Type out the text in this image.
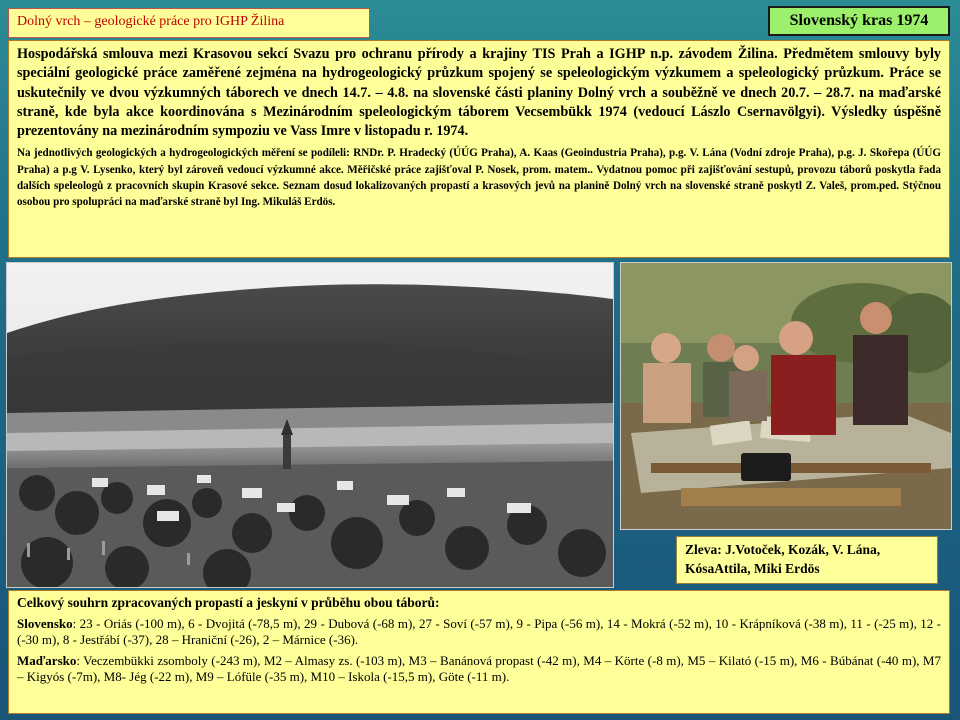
Dolný vrch – geologické práce pro IGHP Žilina	Slovenský kras 1974

Hospodářská smlouva mezi Krasovou sekcí Svazu pro ochranu přírody a krajiny TIS Prah a IGHP n.p. závodem Žilina. Předmětem smlouvy byly speciální geologické práce zaměřené zejména na hydrogeologický průzkum spojený se speleologickým výzkumem a speleologický průzkum. Práce se uskutečnily ve dvou výzkumných táborech ve dnech 14.7. – 4.8. na slovenské části planiny Dolný vrch a souběžně ve dnech 20.7. – 28.7. na maďarské straně, kde byla akce koordinována s Mezinárodním speleologickým táborem Vecsembükk 1974 (vedoucí Lászlo Csernavölgyi). Výsledky úspěšně prezentovány na mezinárodním sympoziu ve Vass Imre v listopadu r. 1974.

Na jednotlivých geologických a hydrogeologických měření se podíleli: RNDr. P. Hradecký (ÚÚG Praha), A. Kaas (Geoindustria Praha), p.g. V. Lána (Vodní zdroje Praha), p.g. J. Skořepa (ÚÚG Praha) a p.g V. Lysenko, který byl zároveň vedoucí výzkumné akce. Měřičské práce zajišťoval P. Nosek, prom. matem.. Vydatnou pomoc při zajišťování sestupů, provozu táborů poskytla řada dalších speleologů z pracovních skupin Krasové sekce. Seznam dosud lokalizovaných propastí a krasových jevů na planině Dolný vrch na slovenské straně poskytl Z. Valeš, prom.ped. Stýčnou osobou pro spolupráci na maďarské straně byl Ing. Mikuláš Erdös.

Zleva: J.Votoček, Kozák, V. Lána,
KósaAttila, Miki Erdös

Celkový souhrn zpracovaných propastí a jeskyní v průběhu obou táborů:

Slovensko: 23 - Oriás (-100 m), 6 - Dvojitá (-78,5 m), 29 - Dubová (-68 m), 27 - Soví (-57 m), 9 - Pipa (-56 m), 14 - Mokrá (-52 m), 10 - Krápníková (-38 m), 11 - (-25 m), 12 - (-30 m), 8 - Jestřábí (-37), 28 – Hraniční (-26), 2 – Márnice (-36).

Maďarsko: Veczembükki zsomboly (-243 m), M2 – Almasy zs. (-103 m), M3 – Banánová propast (-42 m), M4 – Körte (-8 m), M5 – Kilató (-15 m), M6 - Búbánat (-40 m), M7 – Kigyós (-7m), M8- Jég (-22 m), M9 – Lófüle (-35 m), M10 – Iskola (-15,5 m), Göte (-11 m).
